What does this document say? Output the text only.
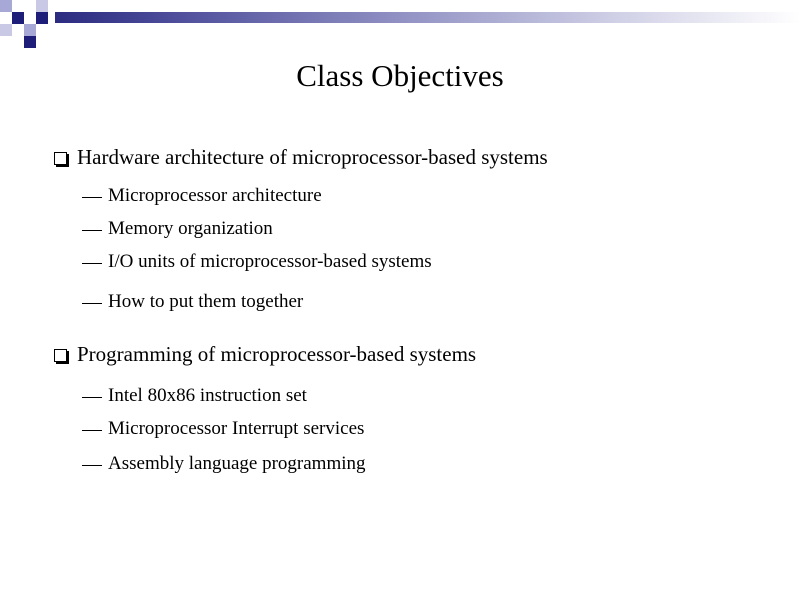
Class Objectives
Hardware architecture of microprocessor-based systems
Microprocessor architecture
Memory organization
I/O units of microprocessor-based systems
How to put them together
Programming of microprocessor-based systems
Intel 80x86 instruction set
Microprocessor Interrupt services
Assembly language programming
